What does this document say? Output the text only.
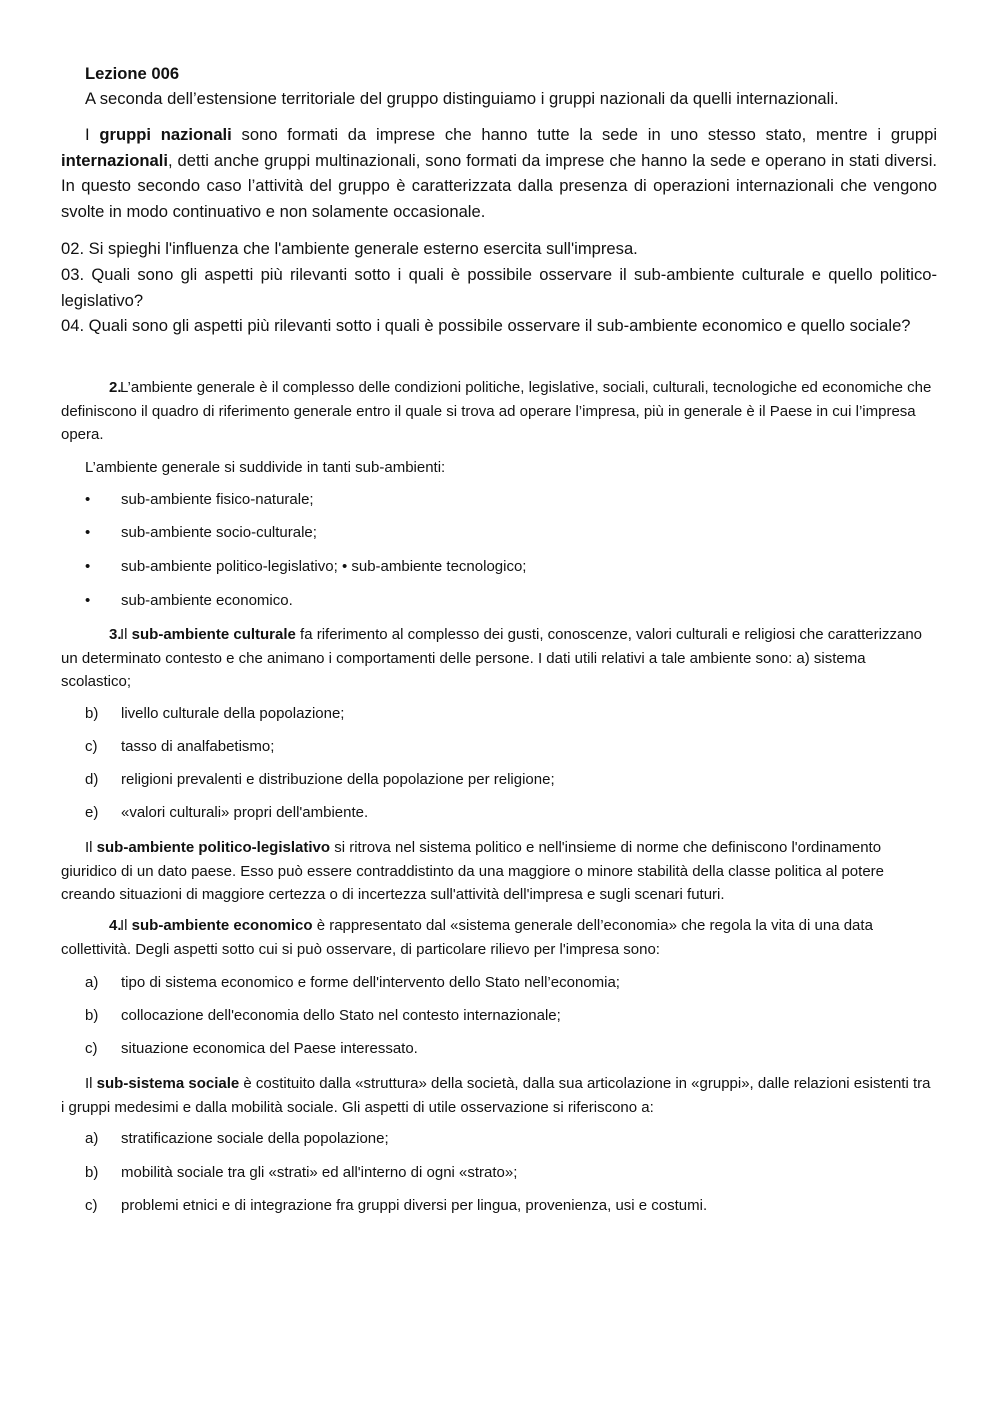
Lezione 006

A seconda dell’estensione territoriale del gruppo distinguiamo i gruppi nazionali da quelli internazionali.

I gruppi nazionali sono formati da imprese che hanno tutte la sede in uno stesso stato, mentre i gruppi internazionali, detti anche gruppi multinazionali, sono formati da imprese che hanno la sede e operano in stati diversi. In questo secondo caso l’attività del gruppo è caratterizzata dalla presenza di operazioni internazionali che vengono svolte in modo continuativo e non solamente occasionale.

02. Si spieghi l'influenza che l'ambiente generale esterno esercita sull'impresa.

03. Quali sono gli aspetti più rilevanti sotto i quali è possibile osservare il sub-ambiente culturale e quello politico-legislativo?

04. Quali sono gli aspetti più rilevanti sotto i quali è possibile osservare il sub-ambiente economico e quello sociale?

2.L’ambiente generale è il complesso delle condizioni politiche, legislative, sociali, culturali, tecnologiche ed economiche che definiscono il quadro di riferimento generale entro il quale si trova ad operare l’impresa, più in generale è il Paese in cui l’impresa opera.

L’ambiente generale si suddivide in tanti sub-ambienti:

• sub-ambiente fisico-naturale;

• sub-ambiente socio-culturale;

• sub-ambiente politico-legislativo; • sub-ambiente tecnologico;

• sub-ambiente economico.

3.Il sub-ambiente culturale fa riferimento al complesso dei gusti, conoscenze, valori culturali e religiosi che caratterizzano un determinato contesto e che animano i comportamenti delle persone. I dati utili relativi a tale ambiente sono: a) sistema scolastico;

b) livello culturale della popolazione;

c) tasso di analfabetismo;

d) religioni prevalenti e distribuzione della popolazione per religione;

e) «valori culturali» propri dell'ambiente.

Il sub-ambiente politico-legislativo si ritrova nel sistema politico e nell'insieme di norme che definiscono l'ordinamento giuridico di un dato paese. Esso può essere contraddistinto da una maggiore o minore stabilità della classe politica al potere creando situazioni di maggiore certezza o di incertezza sull'attività dell'impresa e sugli scenari futuri.

4.Il sub-ambiente economico è rappresentato dal «sistema generale dell’economia» che regola la vita di una data collettività. Degli aspetti sotto cui si può osservare, di particolare rilievo per l'impresa sono:

a) tipo di sistema economico e forme dell'intervento dello Stato nell’economia;

b) collocazione dell'economia dello Stato nel contesto internazionale;

c) situazione economica del Paese interessato.

Il sub-sistema sociale è costituito dalla «struttura» della società, dalla sua articolazione in «gruppi», dalle relazioni esistenti tra i gruppi medesimi e dalla mobilità sociale. Gli aspetti di utile osservazione si riferiscono a:

a) stratificazione sociale della popolazione;

b) mobilità sociale tra gli «strati» ed all'interno di ogni «strato»;

c) problemi etnici e di integrazione fra gruppi diversi per lingua, provenienza, usi e costumi.
